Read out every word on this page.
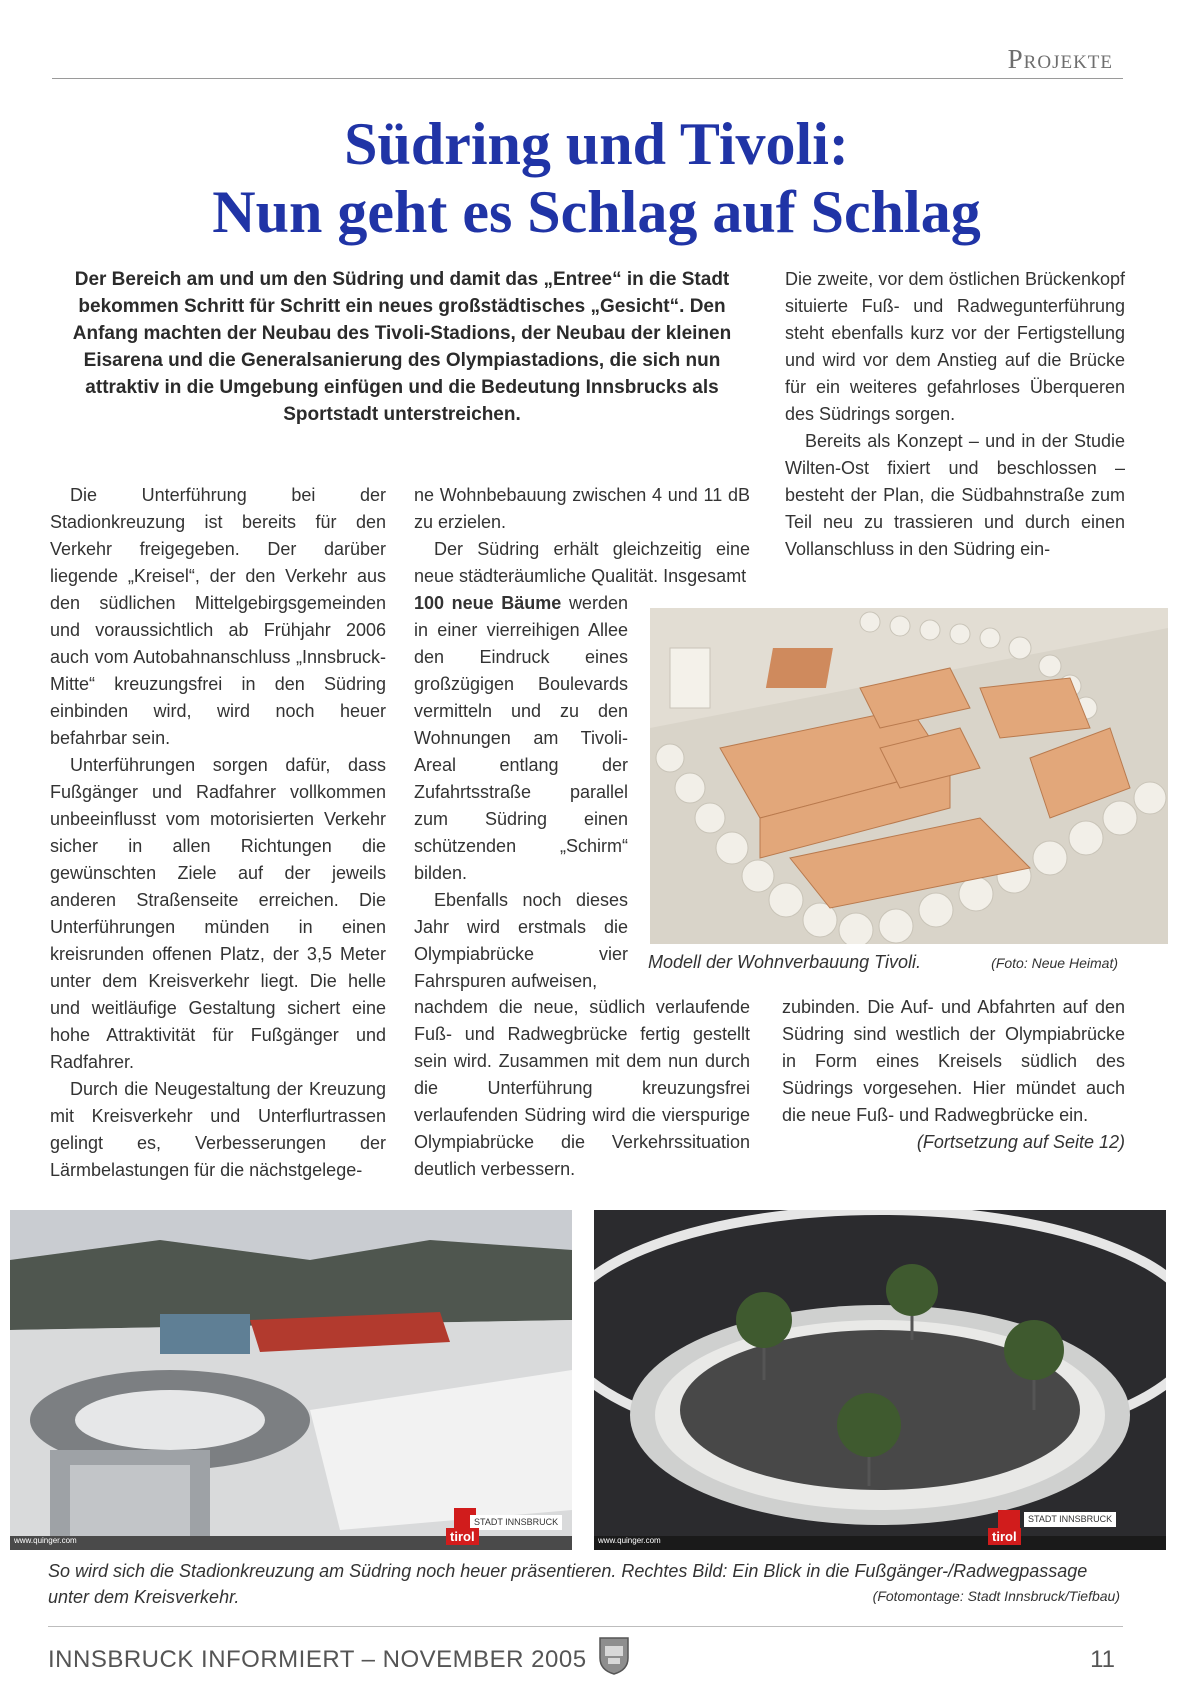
Projekte
Südring und Tivoli:
Nun geht es Schlag auf Schlag
Der Bereich am und um den Südring und damit das „Entree“ in die Stadt bekommen Schritt für Schritt ein neues großstädtisches „Gesicht“. Den Anfang machten der Neubau des Tivoli-Stadions, der Neubau der kleinen Eisarena und die Generalsanierung des Olympiastadions, die sich nun attraktiv in die Umgebung einfügen und die Bedeutung Innsbrucks als Sportstadt unterstreichen.

Die Unterführung bei der Stadionkreuzung ist bereits für den Verkehr freigegeben. Der darüber liegende „Kreisel“, der den Verkehr aus den südlichen Mittelgebirgsgemeinden und voraussichtlich ab Frühjahr 2006 auch vom Autobahnanschluss „Innsbruck-Mitte“ kreuzungsfrei in den Südring einbinden wird, wird noch heuer befahrbar sein.

Unterführungen sorgen dafür, dass Fußgänger und Radfahrer vollkommen unbeeinflusst vom motorisierten Verkehr sicher in allen Richtungen die gewünschten Ziele auf der jeweils anderen Straßenseite erreichen. Die Unterführungen münden in einen kreisrunden offenen Platz, der 3,5 Meter unter dem Kreisverkehr liegt. Die helle und weitläufige Gestaltung sichert eine hohe Attraktivität für Fußgänger und Radfahrer.

Durch die Neugestaltung der Kreuzung mit Kreisverkehr und Unterflurtrassen gelingt es, Verbesserungen der Lärmbelastungen für die nächstgelege-

ne Wohnbebauung zwischen 4 und 11 dB zu erzielen.

Der Südring erhält gleichzeitig eine neue städteräumliche Qualität. Insgesamt

100 neue Bäume werden in einer vierreihigen Allee den Eindruck eines großzügigen Boulevards vermitteln und zu den Wohnungen am Tivoli-Areal entlang der Zufahrtsstraße parallel zum Südring einen schützenden „Schirm“ bilden.

Ebenfalls noch dieses Jahr wird erstmals die Olympiabrücke vier Fahrspuren aufweisen,

nachdem die neue, südlich verlaufende Fuß- und Radwegbrücke fertig gestellt sein wird. Zusammen mit dem nun durch die Unterführung kreuzungsfrei verlaufenden Südring wird die vierspurige Olympiabrücke die Verkehrssituation deutlich verbessern.

Die zweite, vor dem östlichen Brückenkopf situierte Fuß- und Radwegunterführung steht ebenfalls kurz vor der Fertigstellung und wird vor dem Anstieg auf die Brücke für ein weiteres gefahrloses Überqueren des Südrings sorgen.

Bereits als Konzept – und in der Studie Wilten-Ost fixiert und beschlossen – besteht der Plan, die Südbahnstraße zum Teil neu zu trassieren und durch einen Vollanschluss in den Südring ein-

zubinden. Die Auf- und Abfahrten auf den Südring sind westlich der Olympiabrücke in Form eines Kreisels südlich des Südrings vorgesehen. Hier mündet auch die neue Fuß- und Radwegbrücke ein.

(Fortsetzung auf Seite 12)

Modell der Wohnverbauung Tivoli.	(Foto: Neue Heimat)
STADT INNSBRUCK
tirol
www.quinger.com
STADT INNSBRUCK
tirol
www.quinger.com
So wird sich die Stadionkreuzung am Südring noch heuer präsentieren. Rechtes Bild: Ein Blick in die Fußgänger-/Radwegpassage unter dem Kreisverkehr.	(Fotomontage: Stadt Innsbruck/Tiefbau)
INNSBRUCK INFORMIERT – NOVEMBER 2005	11
